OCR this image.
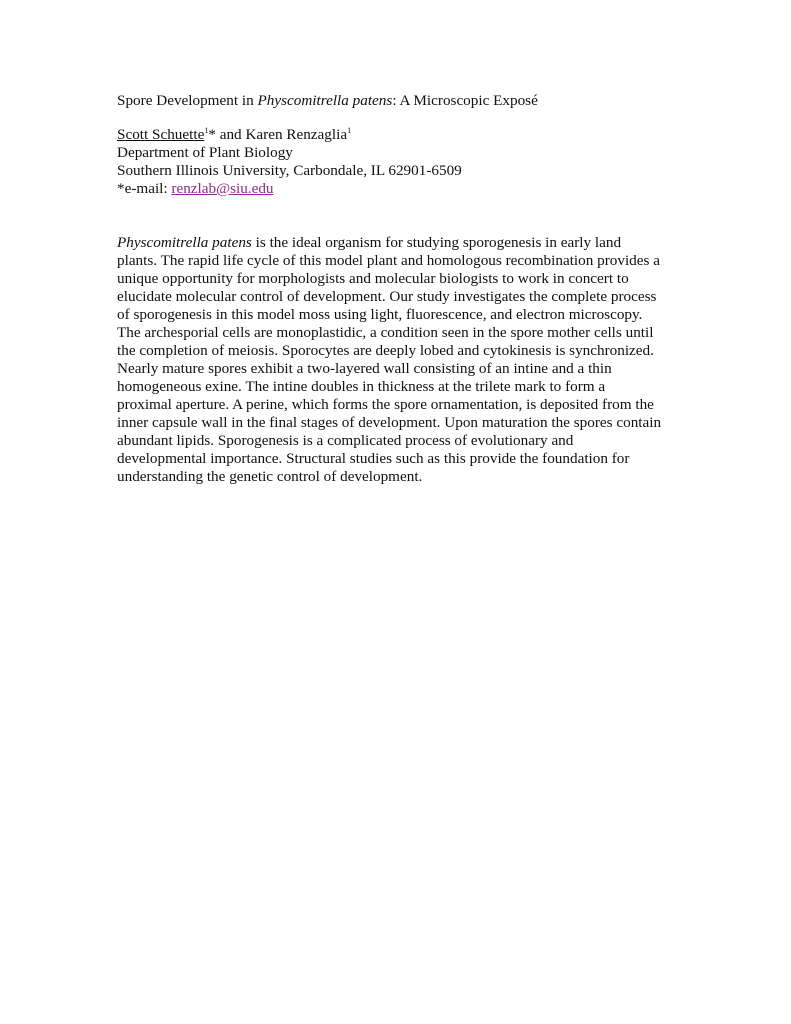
Spore Development in Physcomitrella patens: A Microscopic Exposé
Scott Schuette$^1$* and Karen Renzaglia$^1$
Department of Plant Biology
Southern Illinois University, Carbondale, IL 62901-6509
*e-mail: renzlab@siu.edu
Physcomitrella patens is the ideal organism for studying sporogenesis in early land
plants. The rapid life cycle of this model plant and homologous recombination provides a
unique opportunity for morphologists and molecular biologists to work in concert to
elucidate molecular control of development. Our study investigates the complete process
of sporogenesis in this model moss using light, fluorescence, and electron microscopy.
The archesporial cells are monoplastidic, a condition seen in the spore mother cells until
the completion of meiosis. Sporocytes are deeply lobed and cytokinesis is synchronized.
Nearly mature spores exhibit a two-layered wall consisting of an intine and a thin
homogeneous exine. The intine doubles in thickness at the trilete mark to form a
proximal aperture. A perine, which forms the spore ornamentation, is deposited from the
inner capsule wall in the final stages of development. Upon maturation the spores contain
abundant lipids. Sporogenesis is a complicated process of evolutionary and
developmental importance. Structural studies such as this provide the foundation for
understanding the genetic control of development.
